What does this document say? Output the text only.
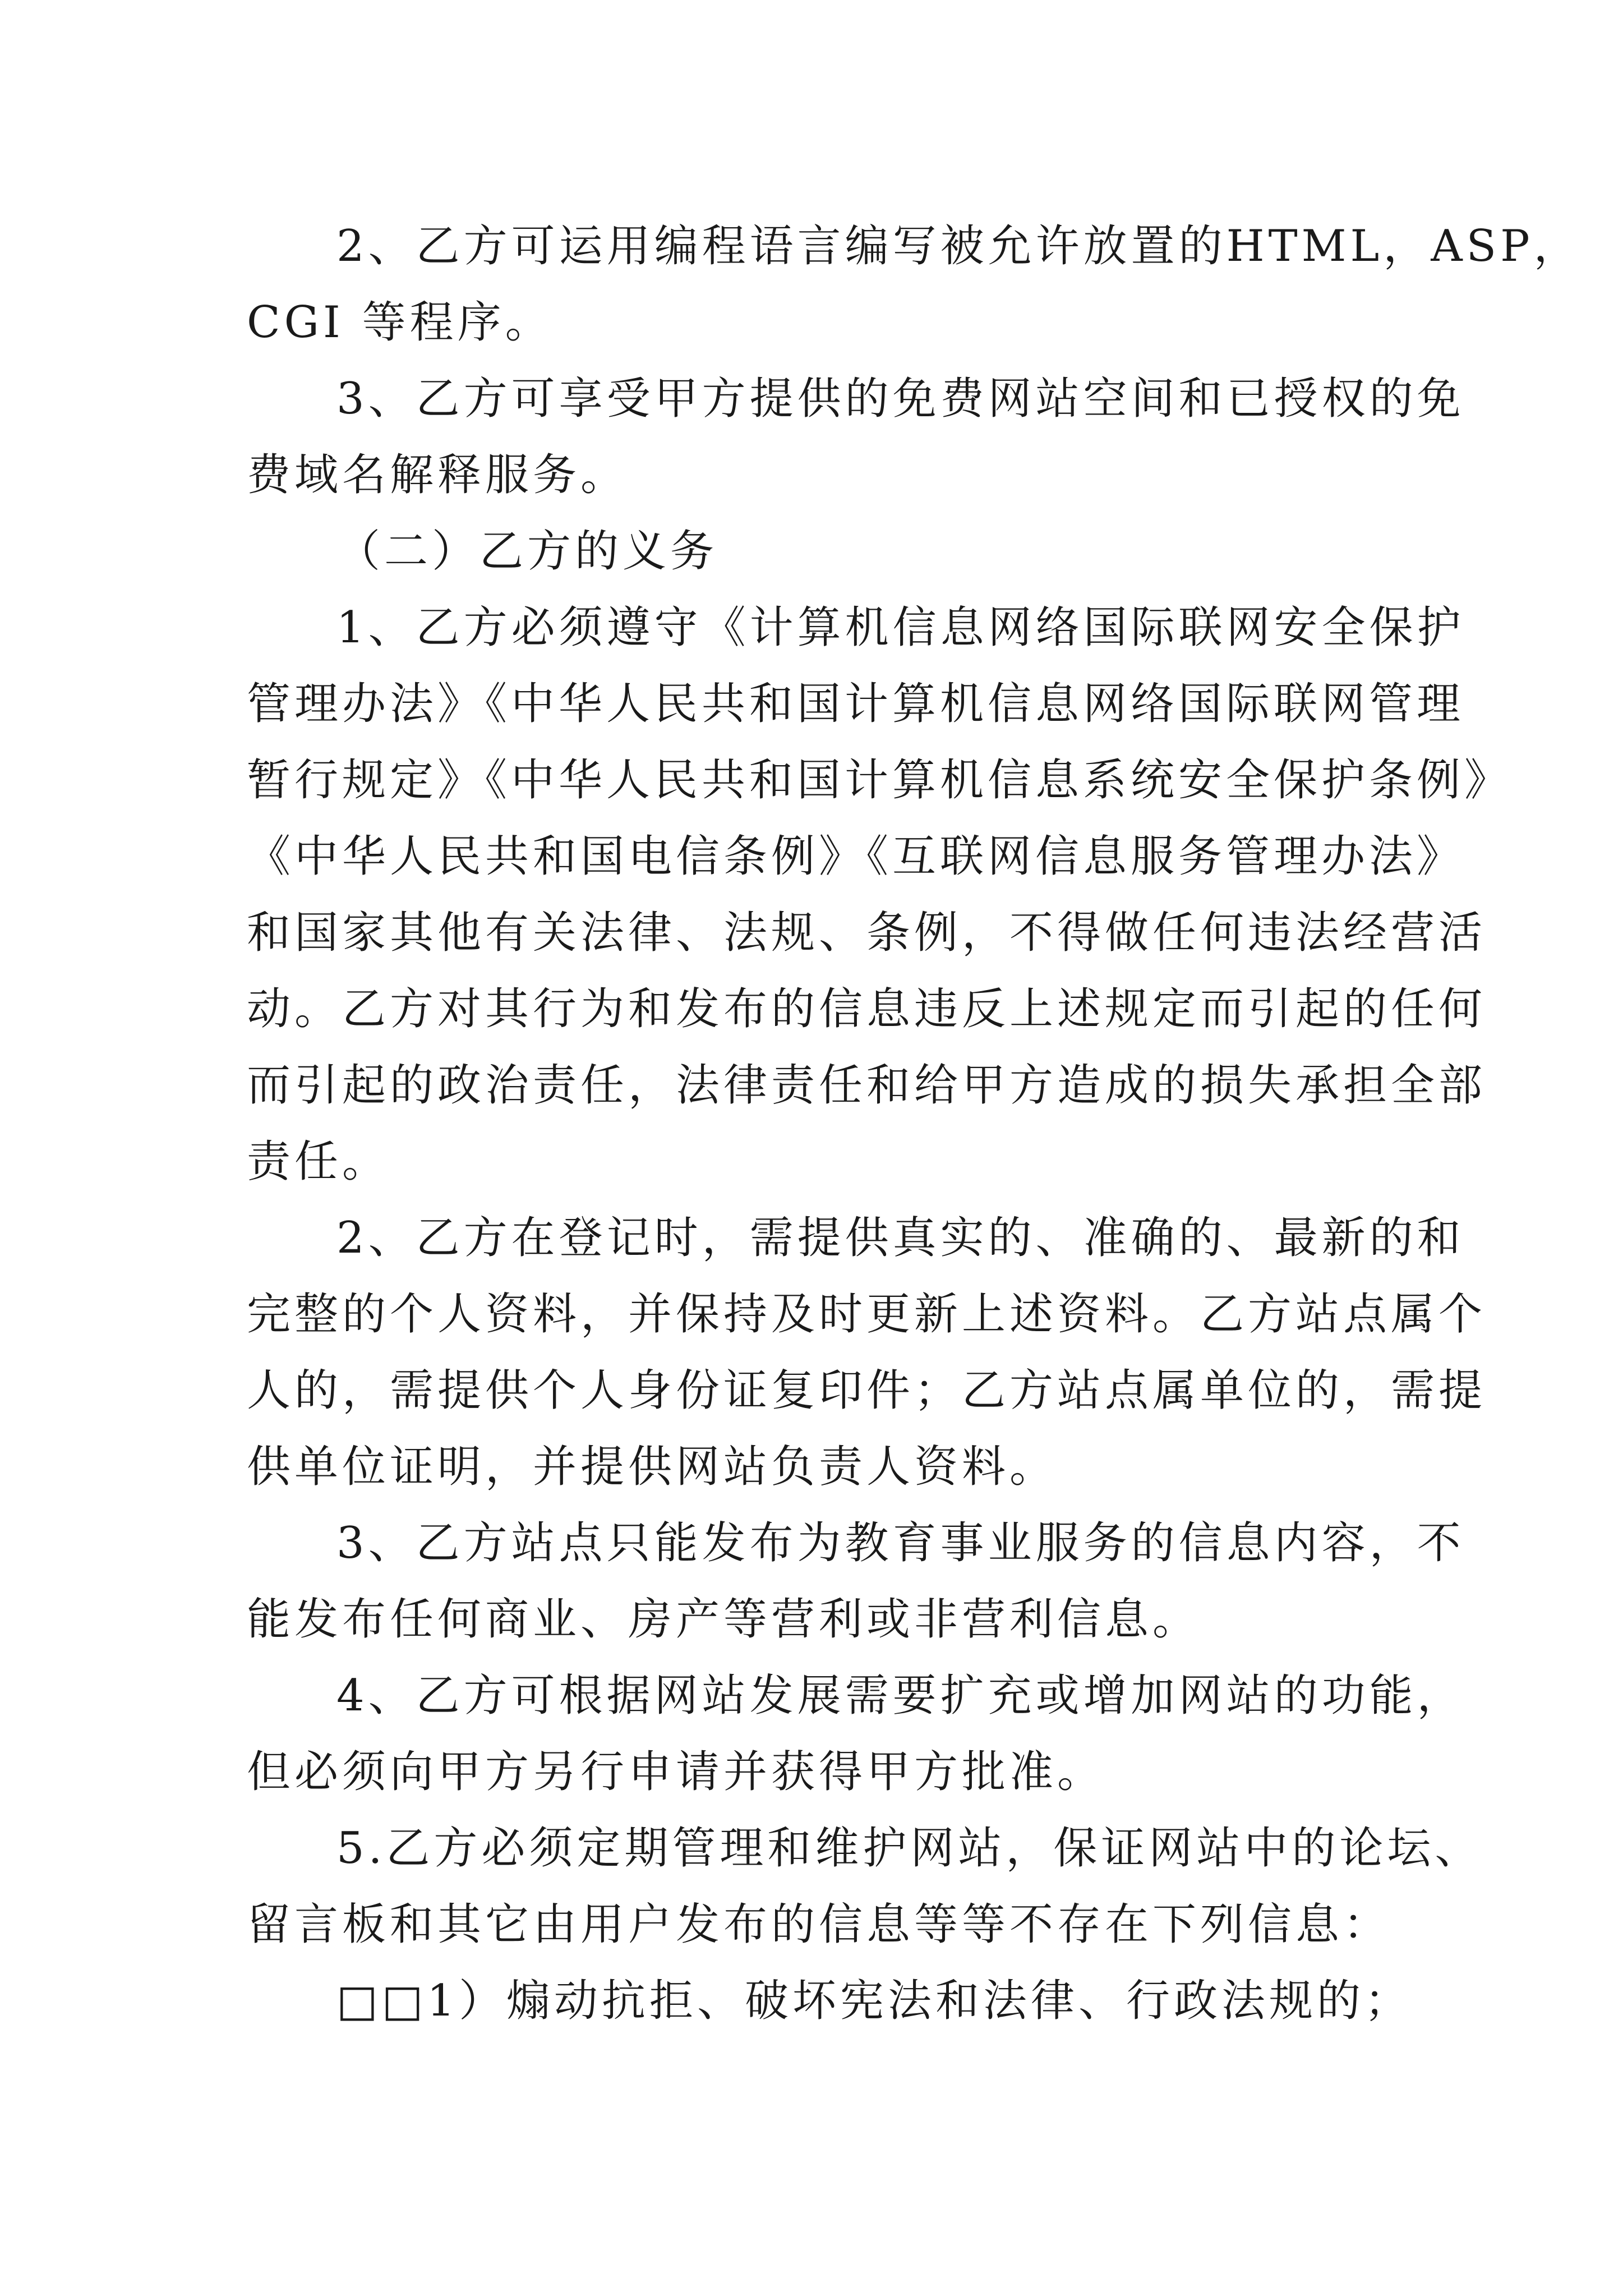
2、乙方可运用编程语言编写被允许放置的HTML，ASP，
CGI 等程序。
3、乙方可享受甲方提供的免费网站空间和已授权的免
费域名解释服务。
（二）乙方的义务
1、乙方必须遵守《计算机信息网络国际联网安全保护
管理办法》《中华人民共和国计算机信息网络国际联网管理
暂行规定》《中华人民共和国计算机信息系统安全保护条例》
《中华人民共和国电信条例》《互联网信息服务管理办法》
和国家其他有关法律、法规、条例，不得做任何违法经营活
动。乙方对其行为和发布的信息违反上述规定而引起的任何
而引起的政治责任，法律责任和给甲方造成的损失承担全部
责任。
2、乙方在登记时，需提供真实的、准确的、最新的和
完整的个人资料，并保持及时更新上述资料。乙方站点属个
人的，需提供个人身份证复印件；乙方站点属单位的，需提
供单位证明，并提供网站负责人资料。
3、乙方站点只能发布为教育事业服务的信息内容，不
能发布任何商业、房产等营利或非营利信息。
4、乙方可根据网站发展需要扩充或增加网站的功能，
但必须向甲方另行申请并获得甲方批准。
5.乙方必须定期管理和维护网站，保证网站中的论坛、
留言板和其它由用户发布的信息等等不存在下列信息：
□□1）煽动抗拒、破坏宪法和法律、行政法规的；
